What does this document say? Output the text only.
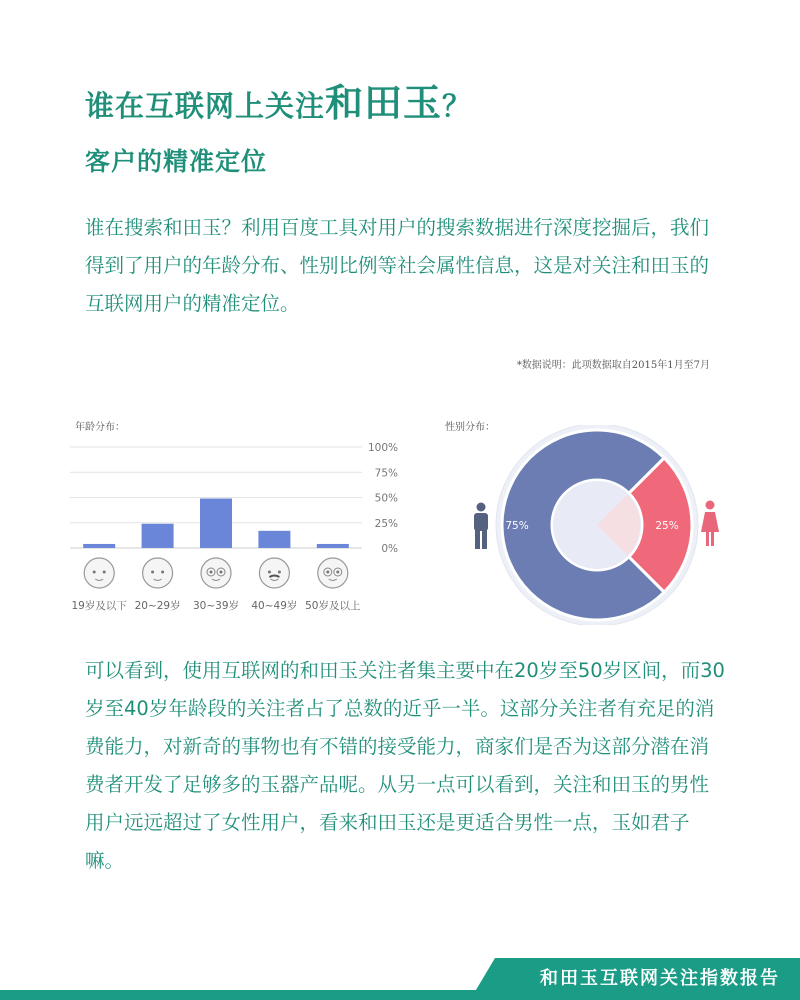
谁在互联网上关注和田玉？
客户的精准定位
谁在搜索和田玉？利用百度工具对用户的搜索数据进行深度挖掘后，我们得到了用户的年龄分布、性别比例等社会属性信息，这是对关注和田玉的互联网用户的精准定位。
*数据说明：此项数据取自2015年1月至7月
年龄分布：	性别分布：
100%
75%
50%
25%
0%
19岁及以下 20~29岁 30~39岁 40~49岁 50岁及以上
25%
75%
可以看到，使用互联网的和田玉关注者集主要中在20岁至50岁区间，而30岁至40岁年龄段的关注者占了总数的近乎一半。这部分关注者有充足的消费能力，对新奇的事物也有不错的接受能力，商家们是否为这部分潜在消费者开发了足够多的玉器产品呢。从另一点可以看到，关注和田玉的男性用户远远超过了女性用户，看来和田玉还是更适合男性一点，玉如君子嘛。
和田玉互联网关注指数报告
